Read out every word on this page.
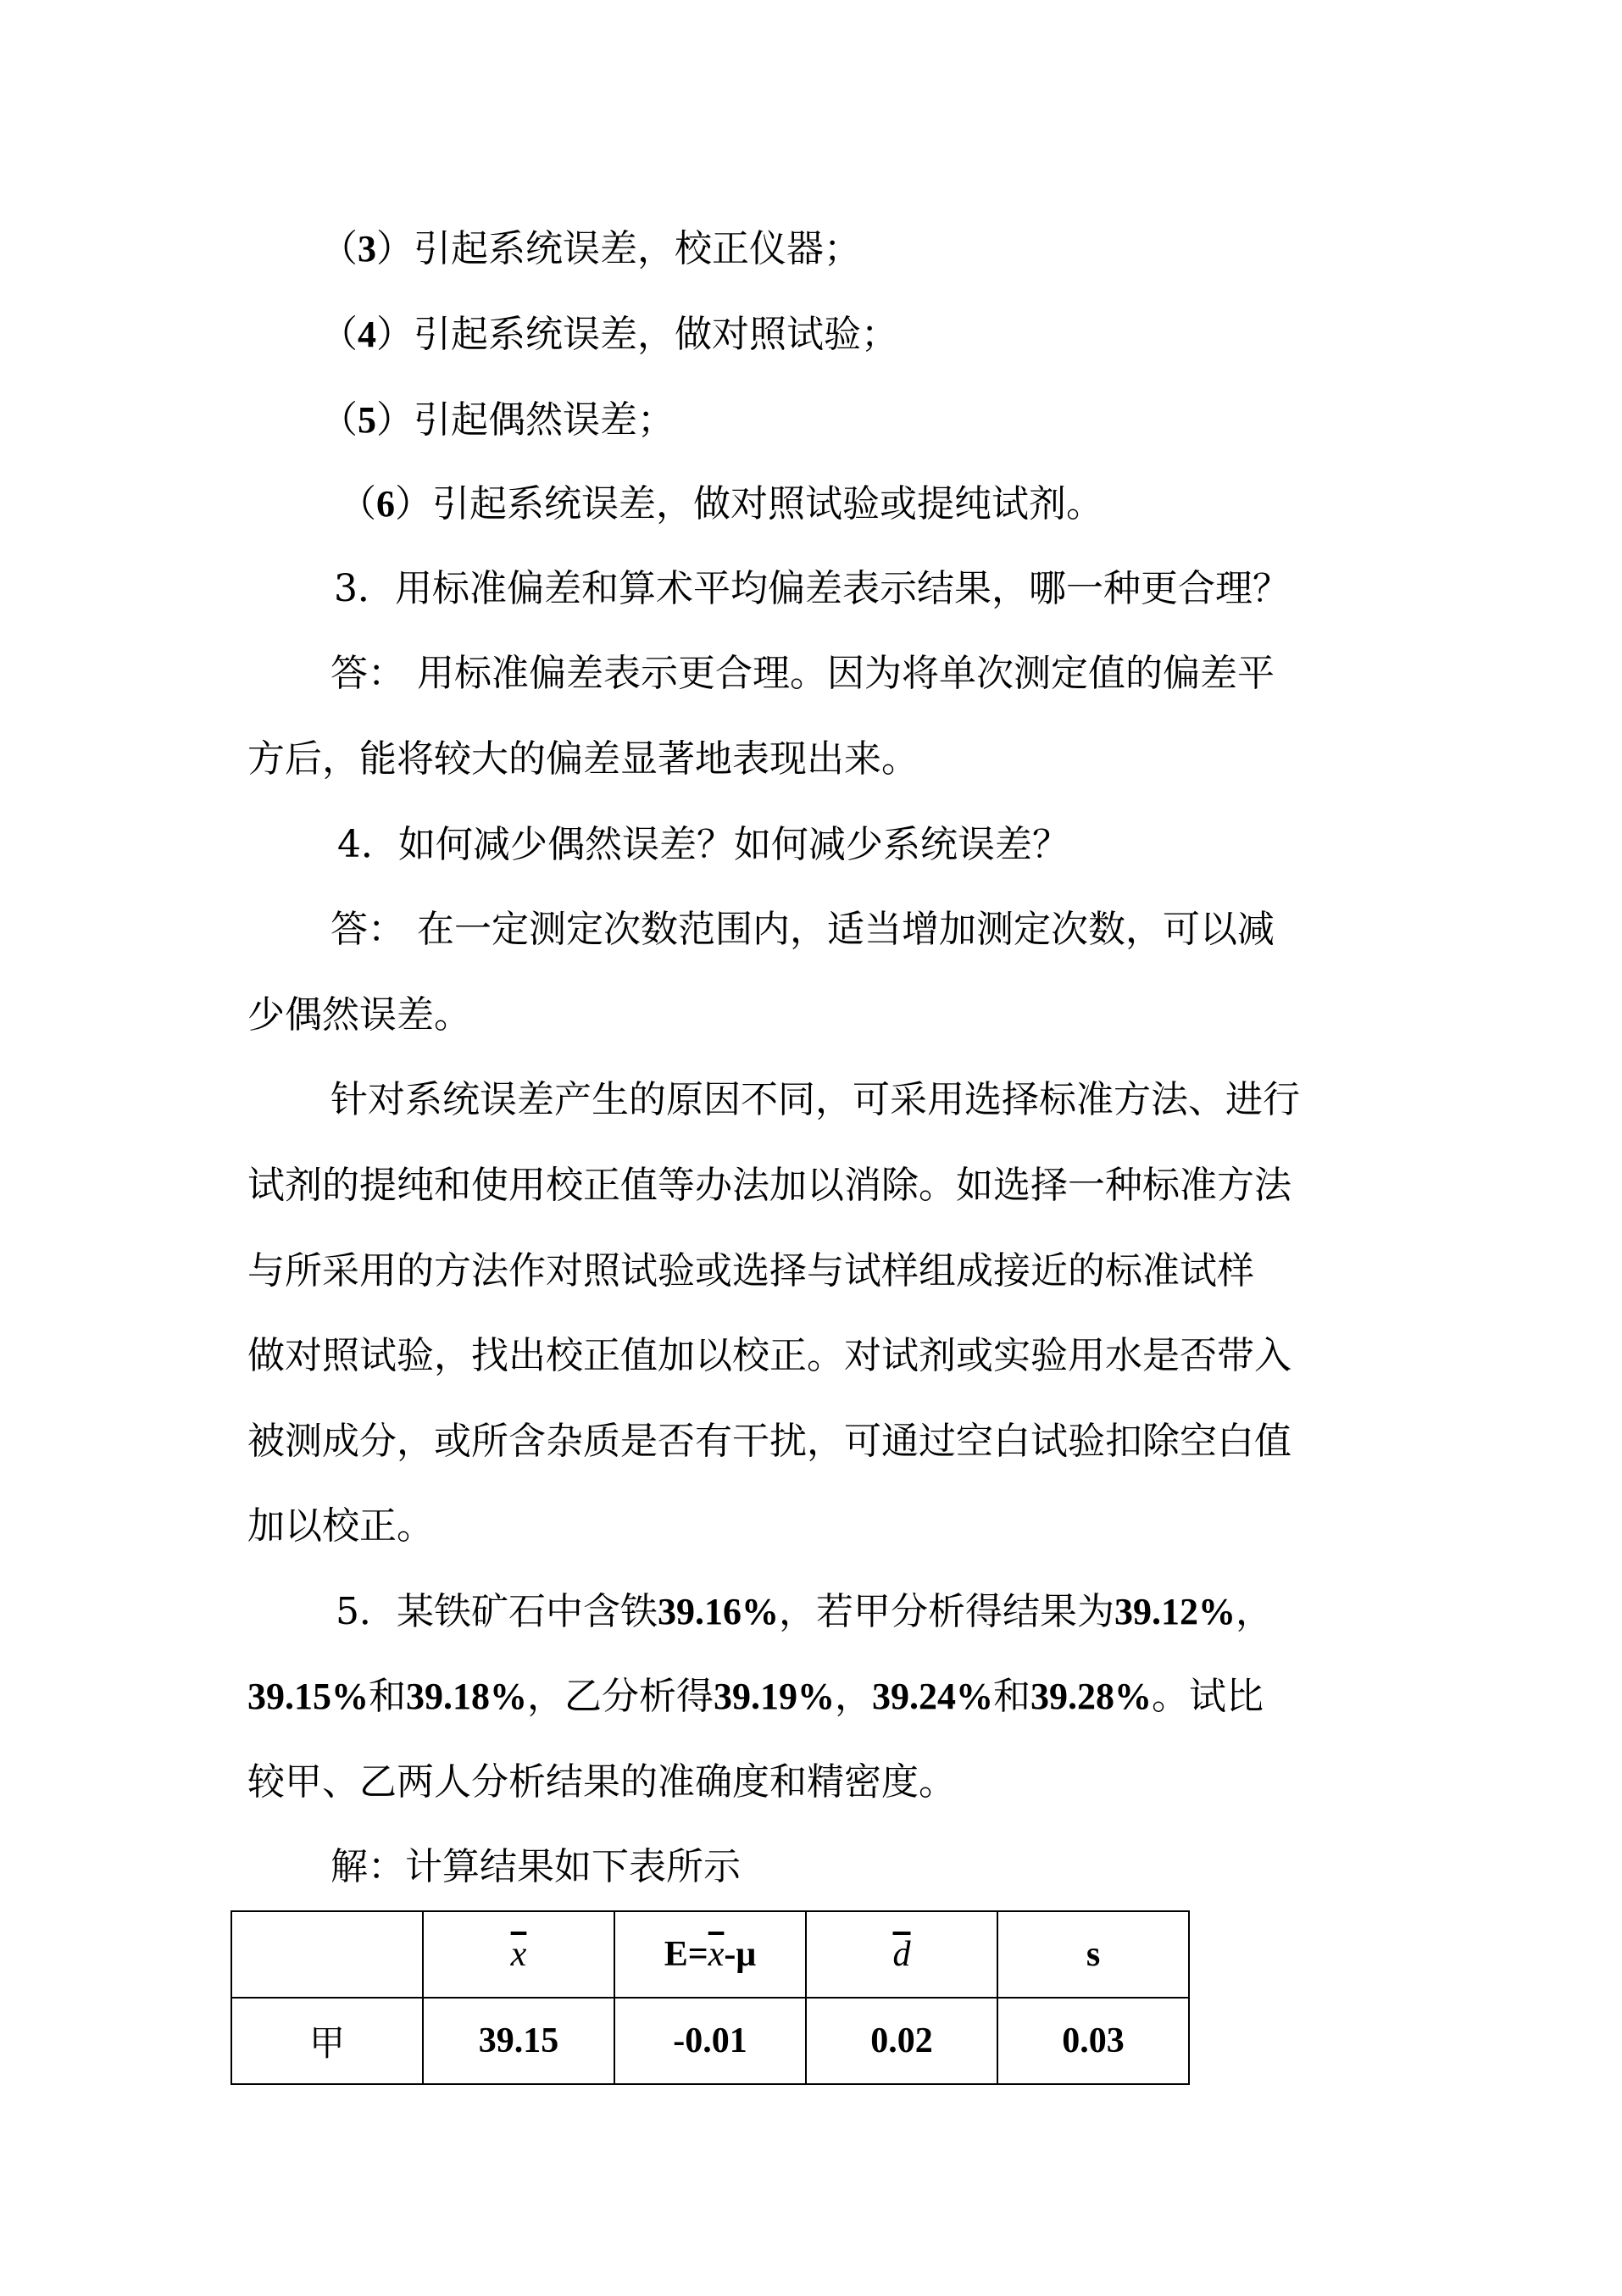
（3）引起系统误差，校正仪器；
（4）引起系统误差，做对照试验；
（5）引起偶然误差；
（6）引起系统误差，做对照试验或提纯试剂。
3．用标准偏差和算术平均偏差表示结果，哪一种更合理？
答： 用标准偏差表示更合理。因为将单次测定值的偏差平
方后，能将较大的偏差显著地表现出来。
4．如何减少偶然误差？如何减少系统误差？
答： 在一定测定次数范围内，适当增加测定次数，可以减
少偶然误差。
针对系统误差产生的原因不同，可采用选择标准方法、进行
试剂的提纯和使用校正值等办法加以消除。如选择一种标准方法
与所采用的方法作对照试验或选择与试样组成接近的标准试样
做对照试验，找出校正值加以校正。对试剂或实验用水是否带入
被测成分，或所含杂质是否有干扰，可通过空白试验扣除空白值
加以校正。
5．某铁矿石中含铁39.16%，若甲分析得结果为39.12%，
39.15%和39.18%，乙分析得39.19%，39.24%和39.28%。试比
较甲、乙两人分析结果的准确度和精密度。
解：计算结果如下表所示
	$\overline{x}$	$E=\overline{x}-\mu$	$\overline{d}$	s
甲	39.15	-0.01	0.02	0.03
